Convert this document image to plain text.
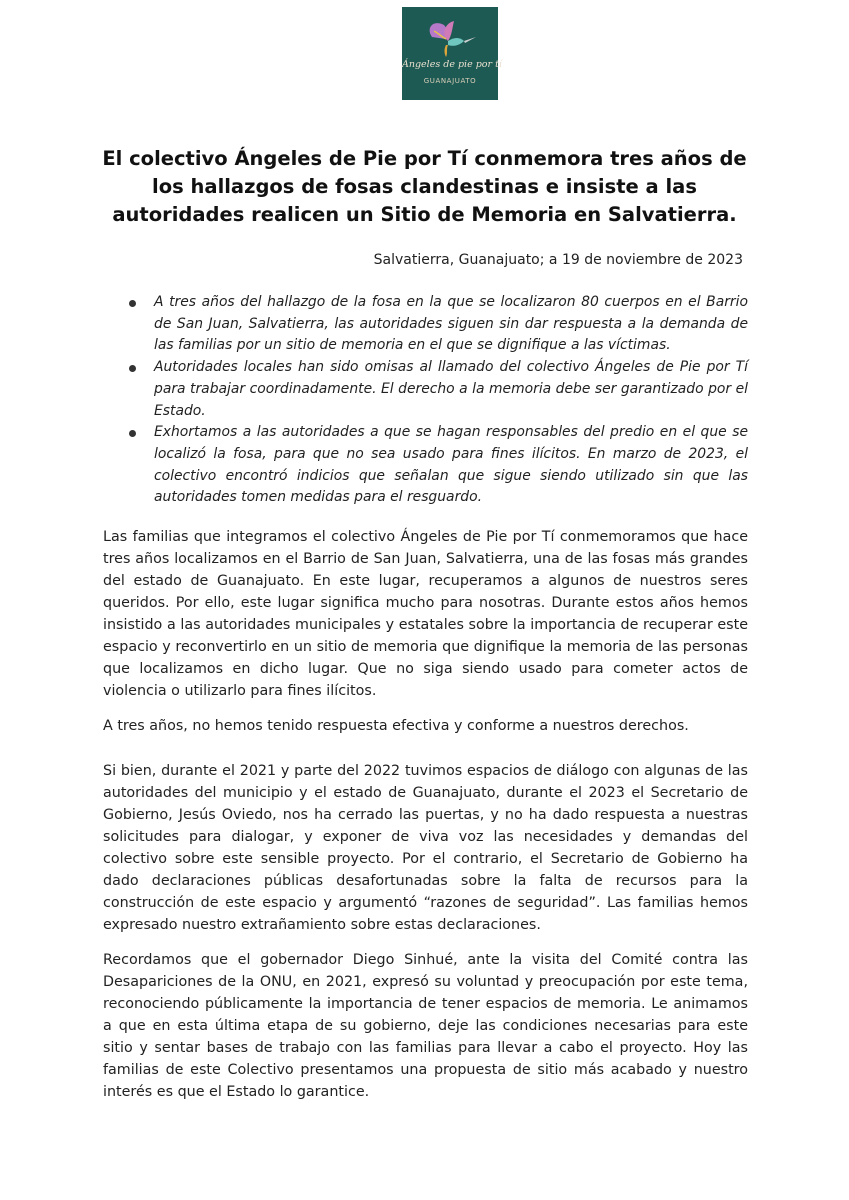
Ángeles de pie por tí
GUANAJUATO
El colectivo Ángeles de Pie por Tí conmemora tres años de los hallazgos de fosas clandestinas e insiste a las autoridades realicen un Sitio de Memoria en Salvatierra.
Salvatierra, Guanajuato; a 19 de noviembre de 2023
A tres años del hallazgo de la fosa en la que se localizaron 80 cuerpos en el Barrio de San Juan, Salvatierra, las autoridades siguen sin dar respuesta a la demanda de las familias por un sitio de memoria en el que se dignifique a las víctimas.
Autoridades locales han sido omisas al llamado del colectivo Ángeles de Pie por Tí para trabajar coordinadamente. El derecho a la memoria debe ser garantizado por el Estado.
Exhortamos a las autoridades a que se hagan responsables del predio en el que se localizó la fosa, para que no sea usado para fines ilícitos. En marzo de 2023, el colectivo encontró indicios que señalan que sigue siendo utilizado sin que las autoridades tomen medidas para el resguardo.

Las familias que integramos el colectivo Ángeles de Pie por Tí conmemoramos que hace tres años localizamos en el Barrio de San Juan, Salvatierra, una de las fosas más grandes del estado de Guanajuato. En este lugar, recuperamos a algunos de nuestros seres queridos. Por ello, este lugar significa mucho para nosotras. Durante estos años hemos insistido a las autoridades municipales y estatales sobre la importancia de recuperar este espacio y reconvertirlo en un sitio de memoria que dignifique la memoria de las personas que localizamos en dicho lugar. Que no siga siendo usado para cometer actos de violencia o utilizarlo para fines ilícitos.

A tres años, no hemos tenido respuesta efectiva y conforme a nuestros derechos.

Si bien, durante el 2021 y parte del 2022 tuvimos espacios de diálogo con algunas de las autoridades del municipio y el estado de Guanajuato, durante el 2023 el Secretario de Gobierno, Jesús Oviedo, nos ha cerrado las puertas, y no ha dado respuesta a nuestras solicitudes para dialogar, y exponer de viva voz las necesidades y demandas del colectivo sobre este sensible proyecto. Por el contrario, el Secretario de Gobierno ha dado declaraciones públicas desafortunadas sobre la falta de recursos para la construcción de este espacio y argumentó “razones de seguridad”. Las familias hemos expresado nuestro extrañamiento sobre estas declaraciones.

Recordamos que el gobernador Diego Sinhué, ante la visita del Comité contra las Desapariciones de la ONU, en 2021, expresó su voluntad y preocupación por este tema, reconociendo públicamente la importancia de tener espacios de memoria. Le animamos a que en esta última etapa de su gobierno, deje las condiciones necesarias para este sitio y sentar bases de trabajo con las familias para llevar a cabo el proyecto. Hoy las familias de este Colectivo presentamos una propuesta de sitio más acabado y nuestro interés es que el Estado lo garantice.
